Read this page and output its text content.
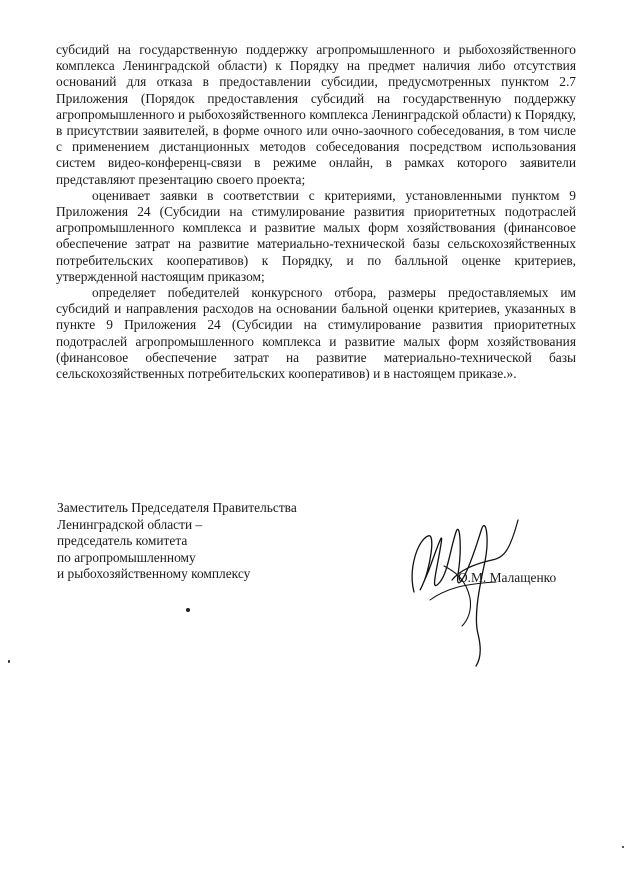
субсидий на государственную поддержку агропромышленного и рыбохозяйственного комплекса Ленинградской области) к Порядку на предмет наличия либо отсутствия оснований для отказа в предоставлении субсидии, предусмотренных пунктом 2.7 Приложения (Порядок предоставления субсидий на государственную поддержку агропромышленного и рыбохозяйственного комплекса Ленинградской области) к Порядку, в присутствии заявителей, в форме очного или очно-заочного собеседования, в том числе с применением дистанционных методов собеседования посредством использования систем видео-конференц-связи в режиме онлайн, в рамках которого заявители представляют презентацию своего проекта;

оценивает заявки в соответствии с критериями, установленными пунктом 9 Приложения 24 (Субсидии на стимулирование развития приоритетных подотраслей агропромышленного комплекса и развитие малых форм хозяйствования (финансовое обеспечение затрат на развитие материально-технической базы сельскохозяйственных потребительских кооперативов) к Порядку, и по балльной оценке критериев, утвержденной настоящим приказом;

определяет победителей конкурсного отбора, размеры предоставляемых им субсидий и направления расходов на основании бальной оценки критериев, указанных в пункте 9 Приложения 24 (Субсидии на стимулирование развития приоритетных подотраслей агропромышленного комплекса и развитие малых форм хозяйствования (финансовое обеспечение затрат на развитие материально-технической базы сельскохозяйственных потребительских кооперативов) и в настоящем приказе.».

Заместитель Председателя Правительства
Ленинградской области –
председатель комитета
по агропромышленному
и рыбохозяйственному комплексу	О.М. Малащенко
